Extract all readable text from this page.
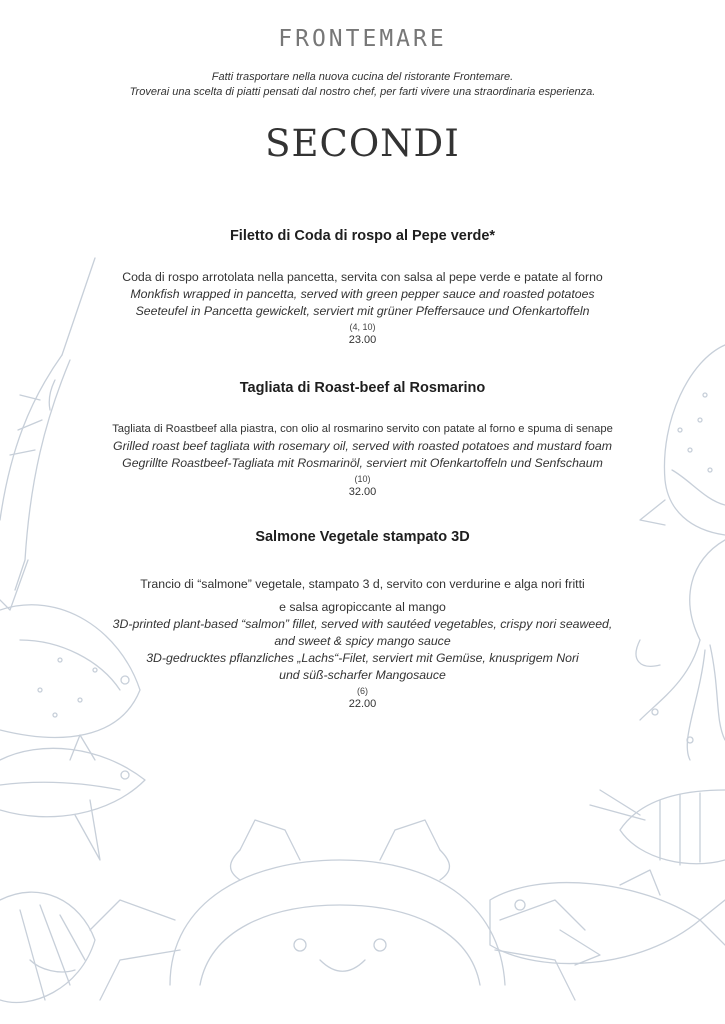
FRONTEMARE
Fatti trasportare nella nuova cucina del ristorante Frontemare.
Troverai una scelta di piatti pensati dal nostro chef, per farti vivere una straordinaria esperienza.
SECONDI

Filetto di Coda di rospo al Pepe verde*

Coda di rospo arrotolata nella pancetta, servita con salsa al pepe verde e patate al forno

Monkfish wrapped in pancetta, served with green pepper sauce and roasted potatoes

Seeteufel in Pancetta gewickelt, serviert mit grüner Pfeffersauce und Ofenkartoffeln

(4, 10)

23.00

Tagliata di Roast-beef al Rosmarino

Tagliata di Roastbeef alla piastra, con olio al rosmarino servito con patate al forno e spuma di senape

Grilled roast beef tagliata with rosemary oil, served with roasted potatoes and mustard foam

Gegrillte Roastbeef-Tagliata mit Rosmarinöl, serviert mit Ofenkartoffeln und Senfschaum

(10)

32.00

Salmone Vegetale stampato 3D

Trancio di “salmone” vegetale, stampato 3 d, servito con verdurine e alga nori fritti

e salsa agropiccante al mango

3D-printed plant-based “salmon” fillet, served with sautéed vegetables, crispy nori seaweed,

and sweet & spicy mango sauce

3D-gedrucktes pflanzliches „Lachs“-Filet, serviert mit Gemüse, knusprigem Nori

und süß-scharfer Mangosauce

(6)

22.00
